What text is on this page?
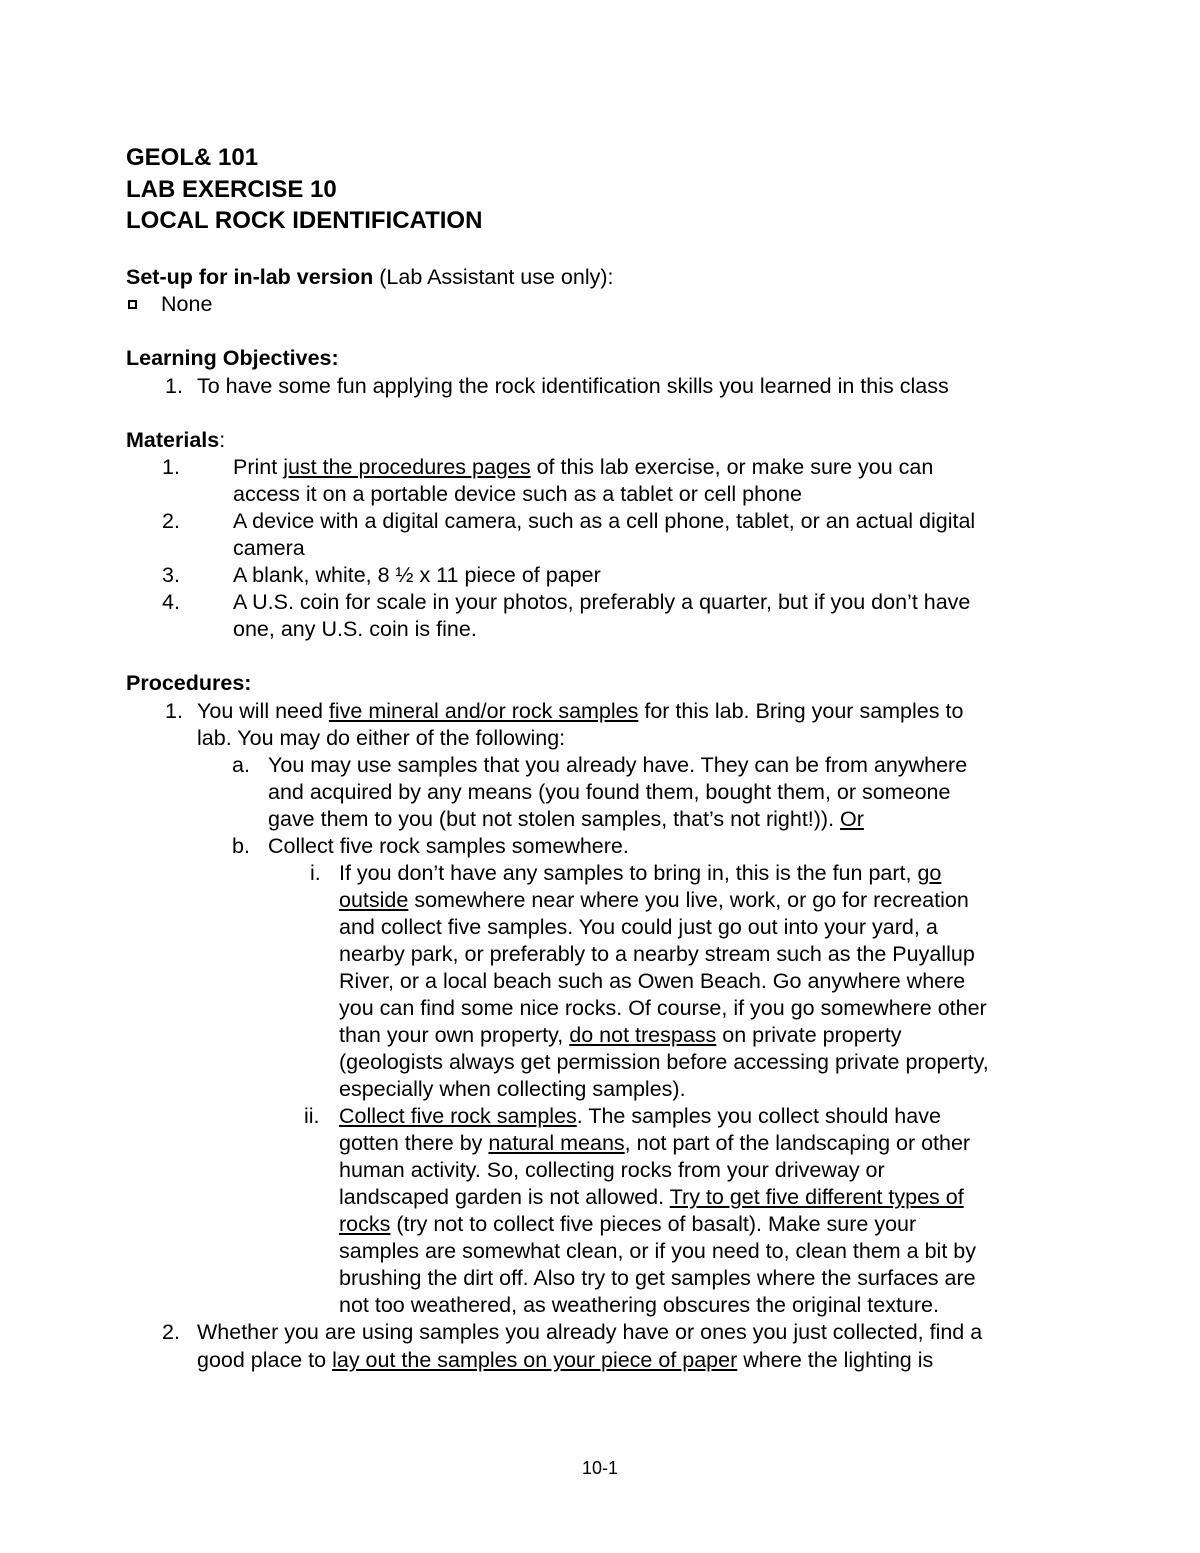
GEOL& 101
LAB EXERCISE 10
LOCAL ROCK IDENTIFICATION
Set-up for in-lab version (Lab Assistant use only):
None
Learning Objectives:
1. To have some fun applying the rock identification skills you learned in this class
Materials:
1. Print just the procedures pages of this lab exercise, or make sure you can
access it on a portable device such as a tablet or cell phone
2. A device with a digital camera, such as a cell phone, tablet, or an actual digital
camera
3. A blank, white, 8 ½ x 11 piece of paper
4. A U.S. coin for scale in your photos, preferably a quarter, but if you don’t have
one, any U.S. coin is fine.
Procedures:
1. You will need five mineral and/or rock samples for this lab. Bring your samples to
lab. You may do either of the following:
a. You may use samples that you already have. They can be from anywhere
and acquired by any means (you found them, bought them, or someone
gave them to you (but not stolen samples, that’s not right!)). Or
b. Collect five rock samples somewhere.
i. If you don’t have any samples to bring in, this is the fun part, go
outside somewhere near where you live, work, or go for recreation
and collect five samples. You could just go out into your yard, a
nearby park, or preferably to a nearby stream such as the Puyallup
River, or a local beach such as Owen Beach. Go anywhere where
you can find some nice rocks. Of course, if you go somewhere other
than your own property, do not trespass on private property
(geologists always get permission before accessing private property,
especially when collecting samples).
ii. Collect five rock samples. The samples you collect should have
gotten there by natural means, not part of the landscaping or other
human activity. So, collecting rocks from your driveway or
landscaped garden is not allowed. Try to get five different types of
rocks (try not to collect five pieces of basalt). Make sure your
samples are somewhat clean, or if you need to, clean them a bit by
brushing the dirt off. Also try to get samples where the surfaces are
not too weathered, as weathering obscures the original texture.
2. Whether you are using samples you already have or ones you just collected, find a
good place to lay out the samples on your piece of paper where the lighting is
10-1
